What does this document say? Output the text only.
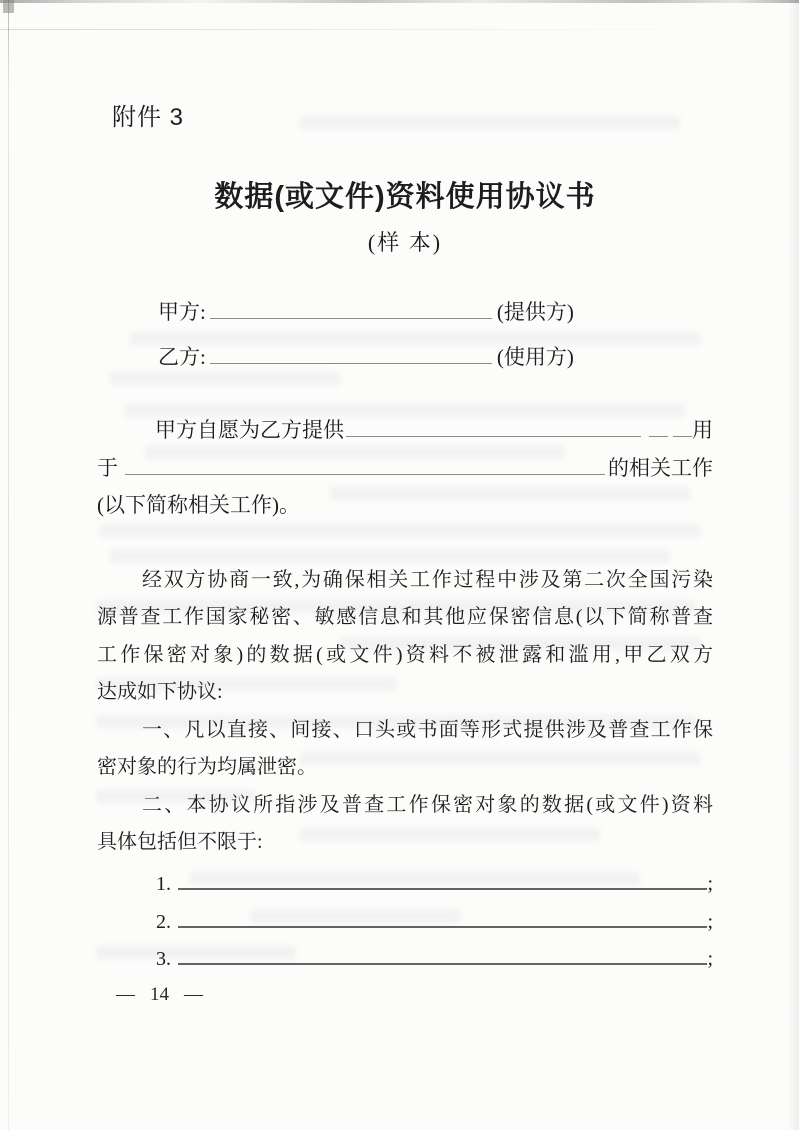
附件 3
数据(或文件)资料使用协议书
(样 本)
甲方:	(提供方)
乙方:	(使用方)
甲方自愿为乙方提供	用
于	的相关工作
(以下简称相关工作)。
经双方协商一致,为确保相关工作过程中涉及第二次全国污染
源普查工作国家秘密、敏感信息和其他应保密信息(以下简称普查
工作保密对象)的数据(或文件)资料不被泄露和滥用,甲乙双方
达成如下协议:
一、凡以直接、间接、口头或书面等形式提供涉及普查工作保
密对象的行为均属泄密。
二、本协议所指涉及普查工作保密对象的数据(或文件)资料
具体包括但不限于:
1.	;
2.	;
3.	;
— 14 —
